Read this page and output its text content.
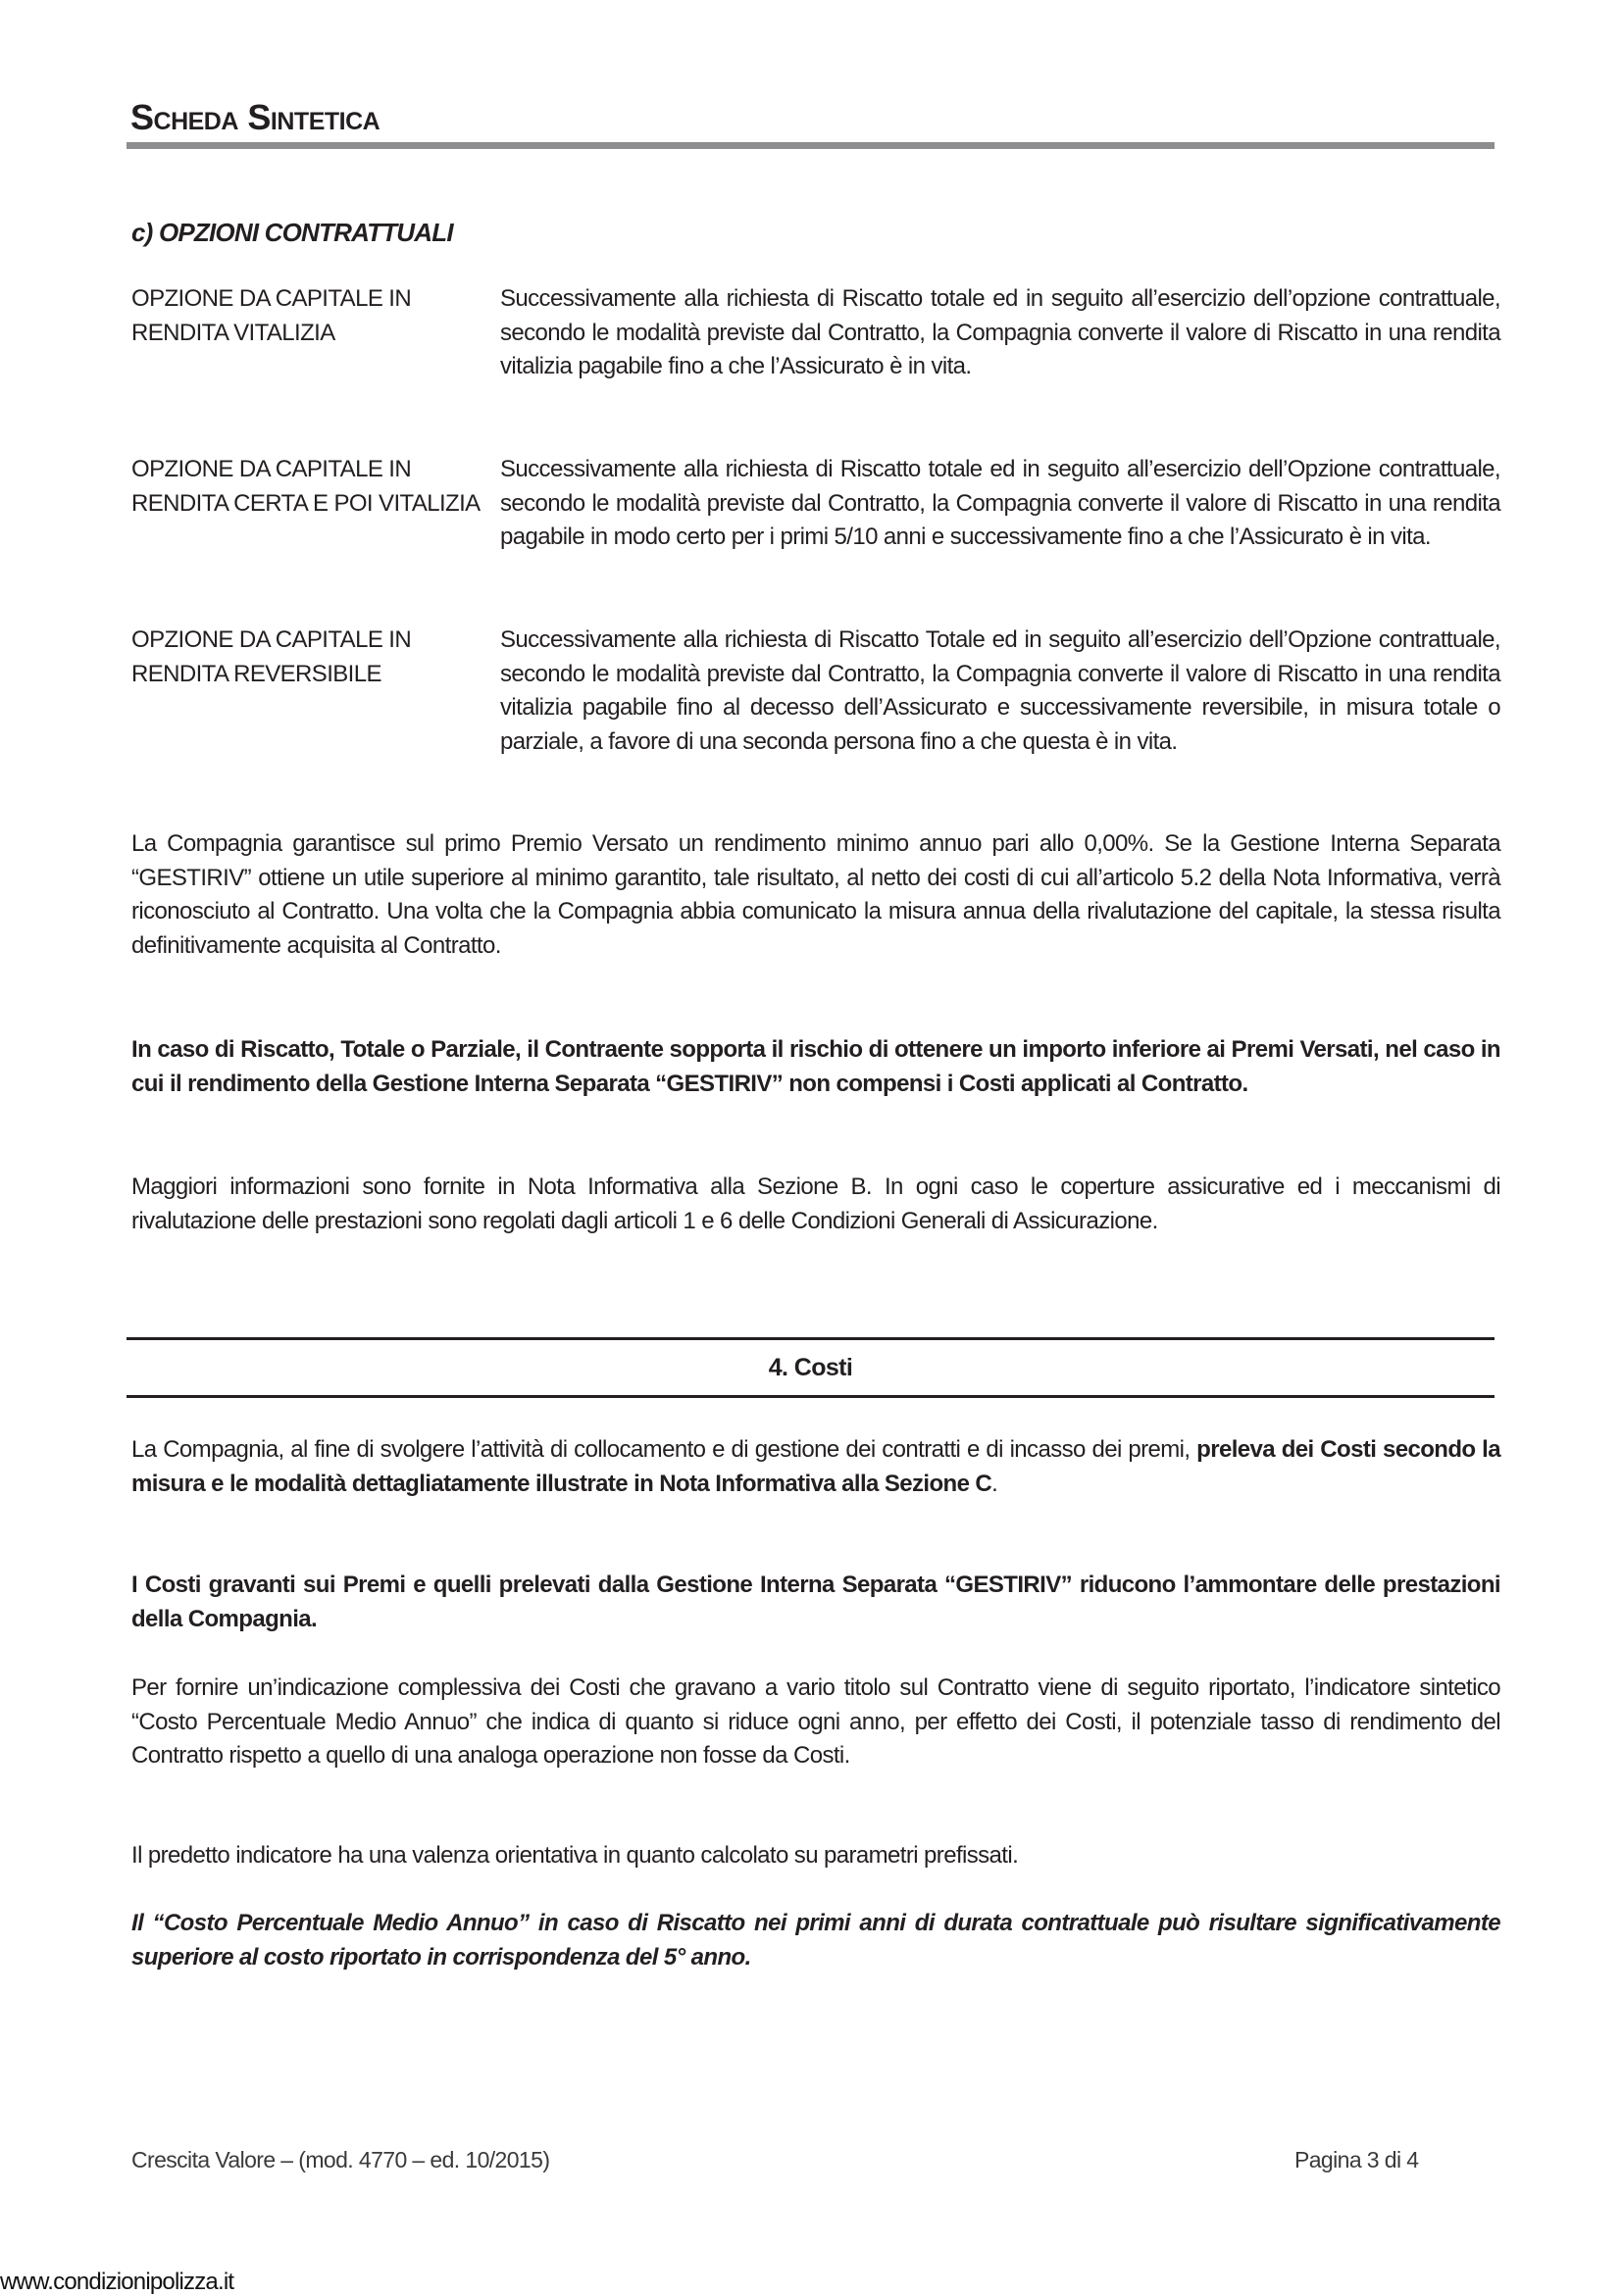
Scheda Sintetica
c) OPZIONI CONTRATTUALI
OPZIONE DA CAPITALE IN RENDITA VITALIZIA
Successivamente alla richiesta di Riscatto totale ed in seguito all’esercizio dell’opzione contrattuale, secondo le modalità previste dal Contratto, la Compagnia converte il valore di Riscatto in una rendita vitalizia pagabile fino a che l’Assicurato è in vita.
OPZIONE DA CAPITALE IN RENDITA CERTA E POI VITALIZIA
Successivamente alla richiesta di Riscatto totale ed in seguito all’esercizio dell’Opzione contrattuale, secondo le modalità previste dal Contratto, la Compagnia converte il valore di Riscatto in una rendita pagabile in modo certo per i primi 5/10 anni e successivamente fino a che l’Assicurato è in vita.
OPZIONE DA CAPITALE IN RENDITA REVERSIBILE
Successivamente alla richiesta di Riscatto Totale ed in seguito all’esercizio dell’Opzione contrattuale, secondo le modalità previste dal Contratto, la Compagnia converte il valore di Riscatto in una rendita vitalizia pagabile fino al decesso dell’Assicurato e successivamente reversibile, in misura totale o parziale, a favore di una seconda persona fino a che questa è in vita.
La Compagnia garantisce sul primo Premio Versato un rendimento minimo annuo pari allo 0,00%. Se la Gestione Interna Separata “GESTIRIV” ottiene un utile superiore al minimo garantito, tale risultato, al netto dei costi di cui all’articolo 5.2 della Nota Informativa, verrà riconosciuto al Contratto. Una volta che la Compagnia abbia comunicato la misura annua della rivalutazione del capitale, la stessa risulta definitivamente acquisita al Contratto.
In caso di Riscatto, Totale o Parziale, il Contraente sopporta il rischio di ottenere un importo inferiore ai Premi Versati, nel caso in cui il rendimento della Gestione Interna Separata “GESTIRIV” non compensi i Costi applicati al Contratto.
Maggiori informazioni sono fornite in Nota Informativa alla Sezione B. In ogni caso le coperture assicurative ed i meccanismi di rivalutazione delle prestazioni sono regolati dagli articoli 1 e 6 delle Condizioni Generali di Assicurazione.
4. Costi
La Compagnia, al fine di svolgere l’attività di collocamento e di gestione dei contratti e di incasso dei premi, preleva dei Costi secondo la misura e le modalità dettagliatamente illustrate in Nota Informativa alla Sezione C.
I Costi gravanti sui Premi e quelli prelevati dalla Gestione Interna Separata “GESTIRIV” riducono l’ammontare delle prestazioni della Compagnia.
Per fornire un’indicazione complessiva dei Costi che gravano a vario titolo sul Contratto viene di seguito riportato, l’indicatore sintetico “Costo Percentuale Medio Annuo” che indica di quanto si riduce ogni anno, per effetto dei Costi, il potenziale tasso di rendimento del Contratto rispetto a quello di una analoga operazione non fosse da Costi.
Il predetto indicatore ha una valenza orientativa in quanto calcolato su parametri prefissati.
Il “Costo Percentuale Medio Annuo” in caso di Riscatto nei primi anni di durata contrattuale può risultare significativamente superiore al costo riportato in corrispondenza del 5° anno.
Crescita Valore – (mod. 4770 – ed. 10/2015)	Pagina 3 di 4
www.condizionipolizza.it
